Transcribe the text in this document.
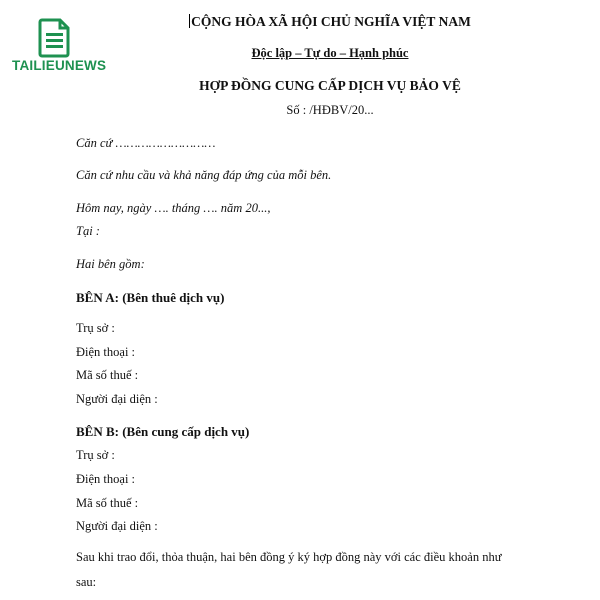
TAILIEUNEWS
CỘNG HÒA XÃ HỘI CHỦ NGHĨA VIỆT NAM
Độc lập – Tự do – Hạnh phúc
HỢP ĐỒNG CUNG CẤP DỊCH VỤ BẢO VỆ
Số : /HĐBV/20...
Căn cứ ………………………
Căn cứ nhu cầu và khả năng đáp ứng của mỗi bên.
Hôm nay, ngày …. tháng …. năm 20...,
Tại :
Hai bên gồm:
BÊN A: (Bên thuê dịch vụ)
Trụ sở :
Điện thoại :
Mã số thuế :
Người đại diện :
BÊN B: (Bên cung cấp dịch vụ)
Trụ sở :
Điện thoại :
Mã số thuế :
Người đại diện :
Sau khi trao đổi, thỏa thuận, hai bên đồng ý ký hợp đồng này với các điều khoản như
sau:
